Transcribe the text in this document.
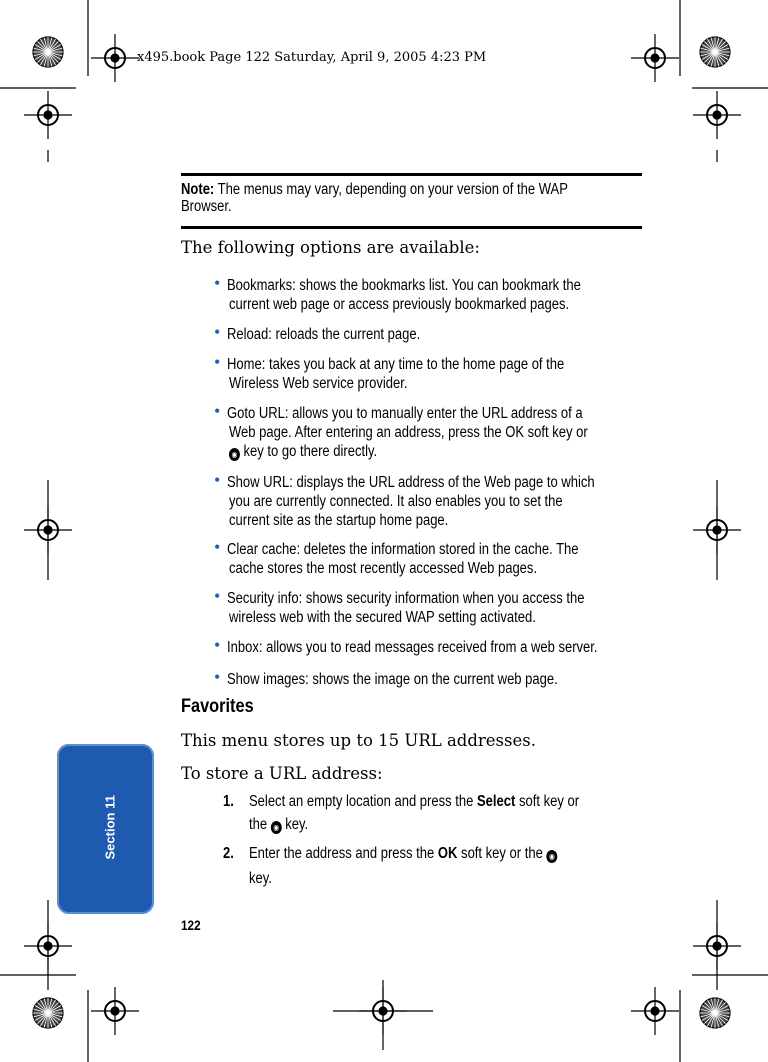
x495.book Page 122 Saturday, April 9, 2005 4:23 PM
Note: The menus may vary, depending on your version of the WAP
Browser.
The following options are available:
• Bookmarks: shows the bookmarks list. You can bookmark the
current web page or access previously bookmarked pages.
• Reload: reloads the current page.
• Home: takes you back at any time to the home page of the
Wireless Web service provider.
• Goto URL: allows you to manually enter the URL address of a
Web page. After entering an address, press the OK soft key or
◉ key to go there directly.
• Show URL: displays the URL address of the Web page to which
you are currently connected. It also enables you to set the
current site as the startup home page.
• Clear cache: deletes the information stored in the cache. The
cache stores the most recently accessed Web pages.
• Security info: shows security information when you access the
wireless web with the secured WAP setting activated.
• Inbox: allows you to read messages received from a web server.
• Show images: shows the image on the current web page.
Favorites
This menu stores up to 15 URL addresses.
To store a URL address:
1. Select an empty location and press the Select soft key or
the ◉ key.
2. Enter the address and press the OK soft key or the ◉
key.
Section 11
122
